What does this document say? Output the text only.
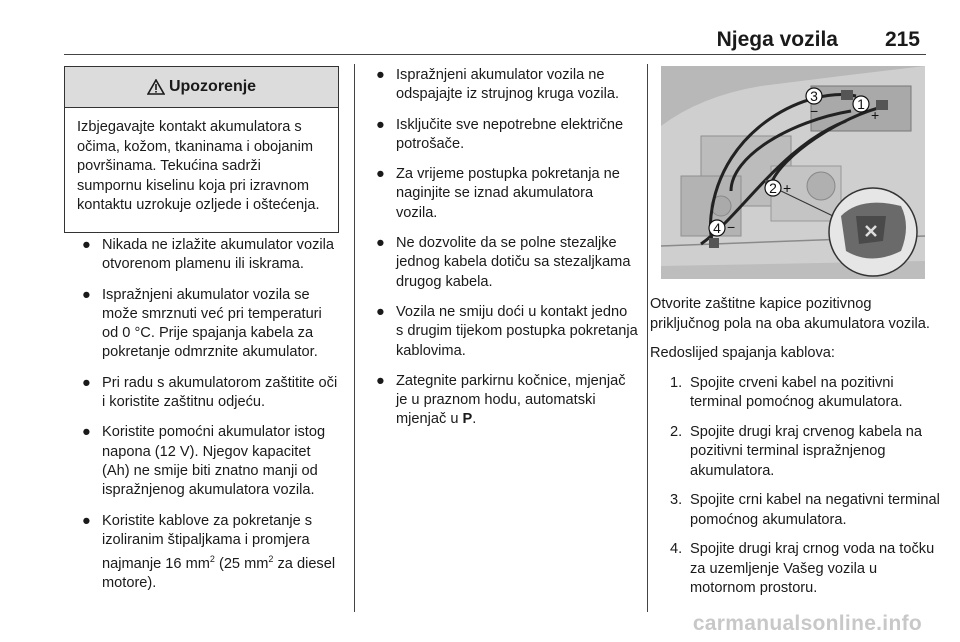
Njega vozila 215
Upozorenje
Izbjegavajte kontakt akumulatora s očima, kožom, tkaninama i obojanim površinama. Tekućina sadrži sumpornu kiselinu koja pri izravnom kontaktu uzrokuje ozljede i oštećenja.
● Nikada ne izlažite akumulator vozila otvorenom plamenu ili iskrama.
● Ispražnjeni akumulator vozila se može smrznuti već pri temperaturi od 0 °C. Prije spajanja kabela za pokretanje odmrznite akumulator.
● Pri radu s akumulatorom zaštitite oči i koristite zaštitnu odjeću.
● Koristite pomoćni akumulator istog napona (12 V). Njegov kapacitet (Ah) ne smije biti znatno manji od ispražnjenog akumulatora vozila.
● Koristite kablove za pokretanje s izoliranim štipaljkama i promjera najmanje 16 $mm^2$ (25 $mm^2$ za diesel motore).
● Ispražnjeni akumulator vozila ne odspajajte iz strujnog kruga vozila.
● Isključite sve nepotrebne električne potrošače.
● Za vrijeme postupka pokretanja ne naginjite se iznad akumulatora vozila.
● Ne dozvolite da se polne stezaljke jednog kabela dotiču sa stezaljkama drugog kabela.
● Vozila ne smiju doći u kontakt jedno s drugim tijekom postupka pokretanja kablovima.
● Zategnite parkirnu kočnice, mjenjač je u praznom hodu, automatski mjenjač u P.
1
+
3
−
2 +
4 −

Otvorite zaštitne kapice pozitivnog priključnog pola na oba akumulatora vozila.

Redoslijed spajanja kablova:

1. Spojite crveni kabel na pozitivni terminal pomoćnog akumulatora.
2. Spojite drugi kraj crvenog kabela na pozitivni terminal ispražnjenog akumulatora.
3. Spojite crni kabel na negativni terminal pomoćnog akumulatora.
4. Spojite drugi kraj crnog voda na točku za uzemljenje Vašeg vozila u motornom prostoru.
carmanualsonline.info
